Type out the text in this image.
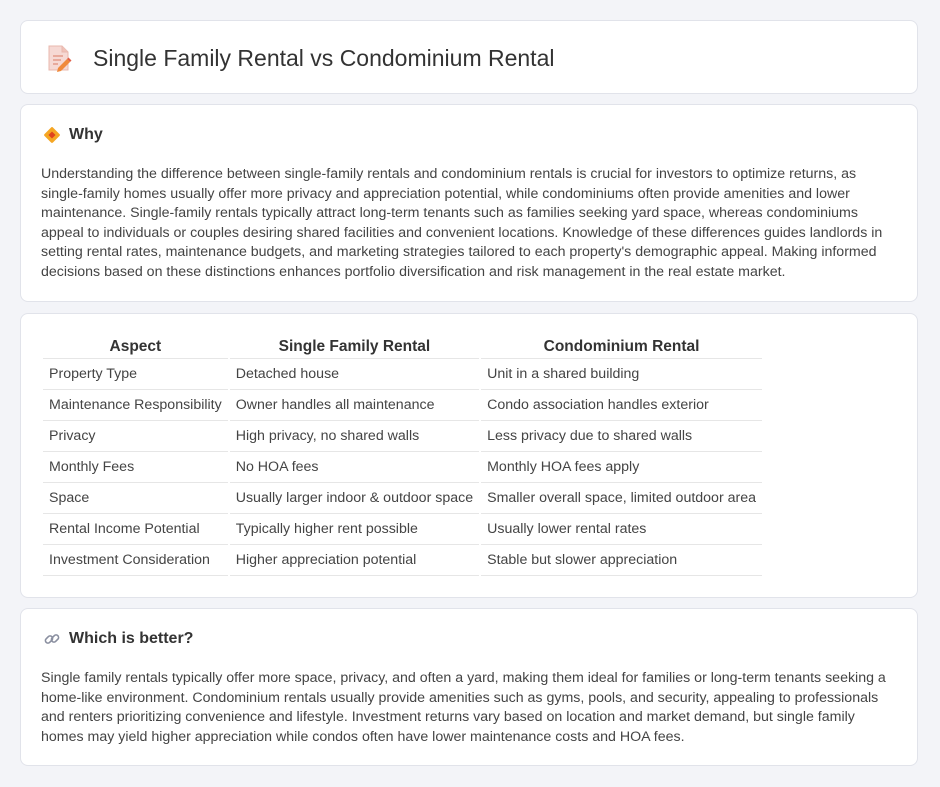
Single Family Rental vs Condominium Rental
Why

Understanding the difference between single-family rentals and condominium rentals is crucial for investors to optimize returns, as single-family homes usually offer more privacy and appreciation potential, while condominiums often provide amenities and lower maintenance. Single-family rentals typically attract long-term tenants such as families seeking yard space, whereas condominiums appeal to individuals or couples desiring shared facilities and convenient locations. Knowledge of these differences guides landlords in setting rental rates, maintenance budgets, and marketing strategies tailored to each property's demographic appeal. Making informed decisions based on these distinctions enhances portfolio diversification and risk management in the real estate market.

Aspect	Single Family Rental	Condominium Rental
Property Type	Detached house	Unit in a shared building
Maintenance Responsibility	Owner handles all maintenance	Condo association handles exterior
Privacy	High privacy, no shared walls	Less privacy due to shared walls
Monthly Fees	No HOA fees	Monthly HOA fees apply
Space	Usually larger indoor & outdoor space	Smaller overall space, limited outdoor area
Rental Income Potential	Typically higher rent possible	Usually lower rental rates
Investment Consideration	Higher appreciation potential	Stable but slower appreciation
Which is better?

Single family rentals typically offer more space, privacy, and often a yard, making them ideal for families or long-term tenants seeking a home-like environment. Condominium rentals usually provide amenities such as gyms, pools, and security, appealing to professionals and renters prioritizing convenience and lifestyle. Investment returns vary based on location and market demand, but single family homes may yield higher appreciation while condos often have lower maintenance costs and HOA fees.
